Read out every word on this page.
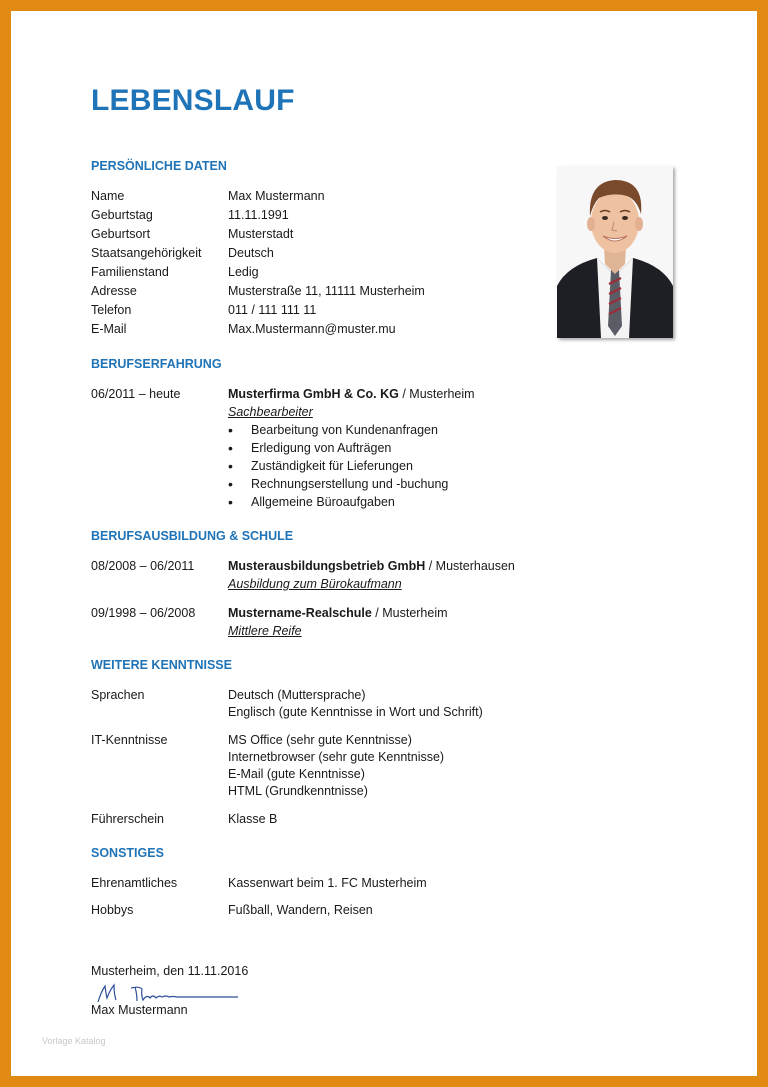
LEBENSLAUF
PERSÖNLICHE DATEN
Name	Max Mustermann
Geburtstag	11.11.1991
Geburtsort	Musterstadt
Staatsangehörigkeit Deutsch
Familienstand	Ledig
Adresse	Musterstraße 11, 11111 Musterheim
Telefon	011 / 111 111 11
E-Mail	Max.Mustermann@muster.mu
BERUFSERFAHRUNG
06/2011 – heute	Musterfirma GmbH & Co. KG / Musterheim
Sachbearbeiter
• Bearbeitung von Kundenanfragen
• Erledigung von Aufträgen
• Zuständigkeit für Lieferungen
• Rechnungserstellung und -buchung
• Allgemeine Büroaufgaben
BERUFSAUSBILDUNG & SCHULE
08/2008 – 06/2011	Musterausbildungsbetrieb GmbH / Musterhausen
Ausbildung zum Bürokaufmann
09/1998 – 06/2008	Mustername-Realschule / Musterheim
Mittlere Reife
WEITERE KENNTNISSE
Sprachen	Deutsch (Muttersprache)
Englisch (gute Kenntnisse in Wort und Schrift)
IT-Kenntnisse	MS Office (sehr gute Kenntnisse)
Internetbrowser (sehr gute Kenntnisse)
E-Mail (gute Kenntnisse)
HTML (Grundkenntnisse)
Führerschein	Klasse B
SONSTIGES
Ehrenamtliches	Kassenwart beim 1. FC Musterheim
Hobbys	Fußball, Wandern, Reisen
Musterheim, den 11.11.2016
Max Mustermann
Vorlage Katalog
